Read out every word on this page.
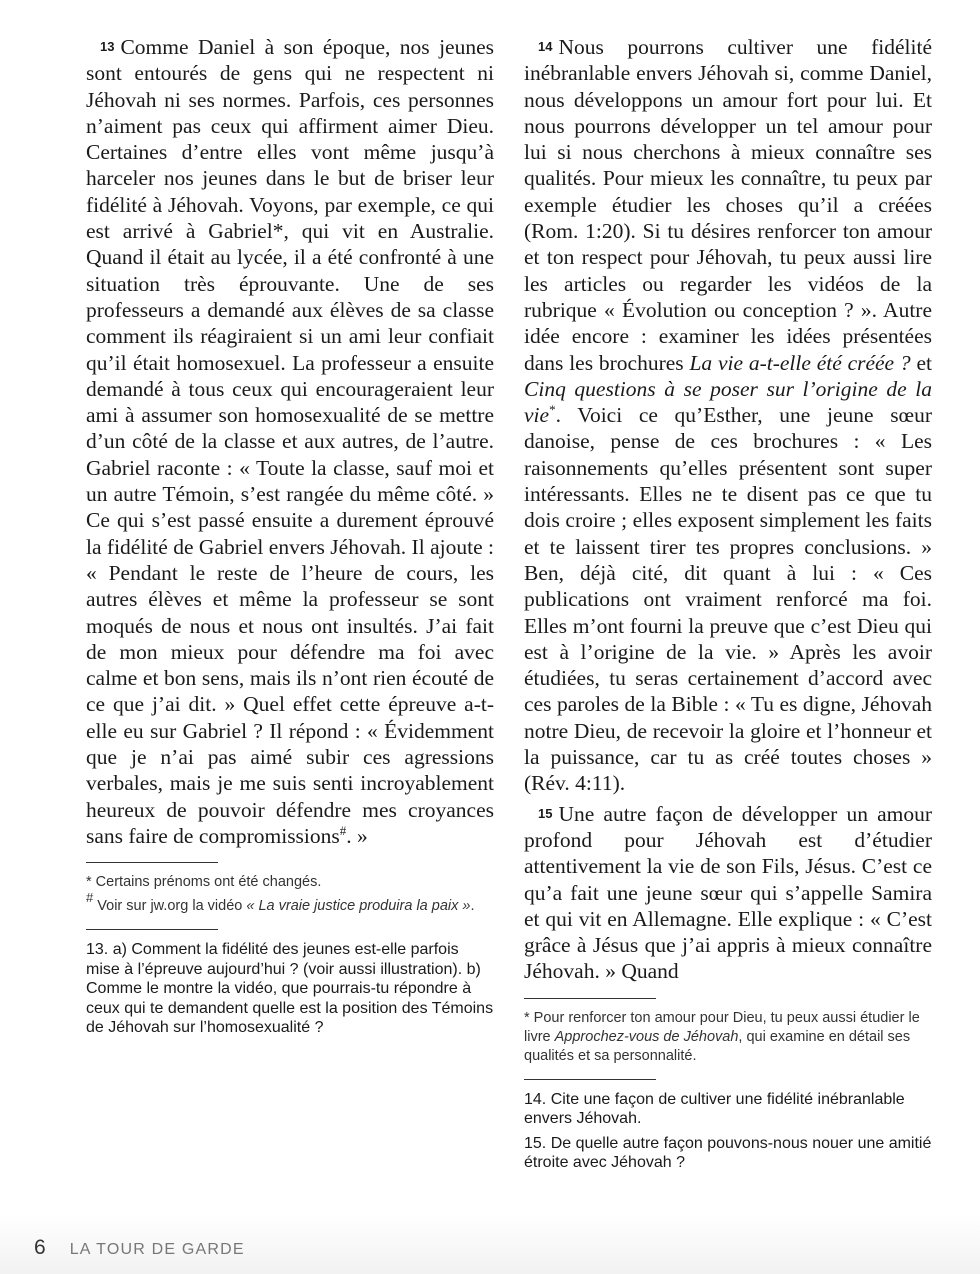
13 Comme Daniel à son époque, nos jeunes sont entourés de gens qui ne respectent ni Jéhovah ni ses normes. Parfois, ces personnes n’aiment pas ceux qui affirment aimer Dieu. Certaines d’entre elles vont même jusqu’à harceler nos jeunes dans le but de briser leur fidélité à Jéhovah. Voyons, par exemple, ce qui est arrivé à Gabriel*, qui vit en Australie. Quand il était au lycée, il a été confronté à une situation très éprouvante. Une de ses professeurs a demandé aux élèves de sa classe comment ils réagiraient si un ami leur confiait qu’il était homosexuel. La professeur a ensuite demandé à tous ceux qui encourageraient leur ami à assumer son homosexualité de se mettre d’un côté de la classe et aux autres, de l’autre. Gabriel raconte : « Toute la classe, sauf moi et un autre Témoin, s’est rangée du même côté. » Ce qui s’est passé ensuite a durement éprouvé la fidélité de Gabriel envers Jéhovah. Il ajoute : « Pendant le reste de l’heure de cours, les autres élèves et même la professeur se sont moqués de nous et nous ont insultés. J’ai fait de mon mieux pour défendre ma foi avec calme et bon sens, mais ils n’ont rien écouté de ce que j’ai dit. » Quel effet cette épreuve a-t-elle eu sur Gabriel ? Il répond : « Évidemment que je n’ai pas aimé subir ces agressions verbales, mais je me suis senti incroyablement heureux de pouvoir défendre mes croyances sans faire de compromissions#. »

* Certains prénoms ont été changés.

# Voir sur jw.org la vidéo « La vraie justice produira la paix ».

13. a) Comment la fidélité des jeunes est-elle parfois mise à l’épreuve aujourd’hui ? (voir aussi illustration). b) Comme le montre la vidéo, que pourrais-tu répondre à ceux qui te demandent quelle est la position des Témoins de Jéhovah sur l’homosexualité ?

14 Nous pourrons cultiver une fidélité inébranlable envers Jéhovah si, comme Daniel, nous développons un amour fort pour lui. Et nous pourrons développer un tel amour pour lui si nous cherchons à mieux connaître ses qualités. Pour mieux les connaître, tu peux par exemple étudier les choses qu’il a créées (Rom. 1:20). Si tu désires renforcer ton amour et ton respect pour Jéhovah, tu peux aussi lire les articles ou regarder les vidéos de la rubrique « Évolution ou conception ? ». Autre idée encore : examiner les idées présentées dans les brochures La vie a-t-elle été créée ? et Cinq questions à se poser sur l’origine de la vie*. Voici ce qu’Esther, une jeune sœur danoise, pense de ces brochures : « Les raisonnements qu’elles présentent sont super intéressants. Elles ne te disent pas ce que tu dois croire ; elles exposent simplement les faits et te laissent tirer tes propres conclusions. » Ben, déjà cité, dit quant à lui : « Ces publications ont vraiment renforcé ma foi. Elles m’ont fourni la preuve que c’est Dieu qui est à l’origine de la vie. » Après les avoir étudiées, tu seras certainement d’accord avec ces paroles de la Bible : « Tu es digne, Jéhovah notre Dieu, de recevoir la gloire et l’honneur et la puissance, car tu as créé toutes choses » (Rév. 4:11).

15 Une autre façon de développer un amour profond pour Jéhovah est d’étudier attentivement la vie de son Fils, Jésus. C’est ce qu’a fait une jeune sœur qui s’appelle Samira et qui vit en Allemagne. Elle explique : « C’est grâce à Jésus que j’ai appris à mieux connaître Jéhovah. » Quand

* Pour renforcer ton amour pour Dieu, tu peux aussi étudier le livre Approchez-vous de Jéhovah, qui examine en détail ses qualités et sa personnalité.

14. Cite une façon de cultiver une fidélité inébranlable envers Jéhovah.

15. De quelle autre façon pouvons-nous nouer une amitié étroite avec Jéhovah ?

6 LA TOUR DE GARDE
